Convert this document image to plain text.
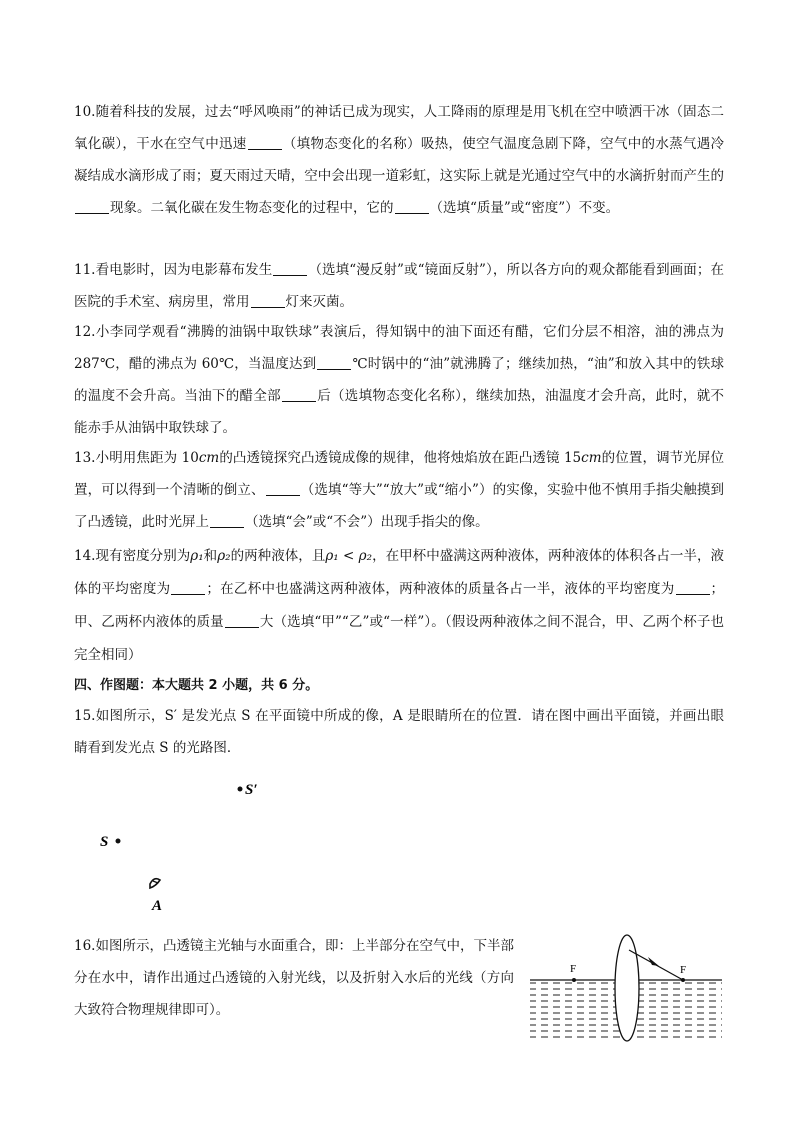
10.随着科技的发展，过去“呼风唤雨”的神话已成为现实，人工降雨的原理是用飞机在空中喷洒干冰（固态二氧化碳），干水在空气中迅速	（填物态变化的名称）吸热，使空气温度急剧下降，空气中的水蒸气遇冷凝结成水滴形成了雨；夏天雨过天晴，空中会出现一道彩虹，这实际上就是光通过空气中的水滴折射而产生的现象。二氧化碳在发生物态变化的过程中，它的	（选填“质量”或“密度”）不变。

11.看电影时，因为电影幕布发生	（选填“漫反射”或“镜面反射”），所以各方向的观众都能看到画面；在医院的手术室、病房里，常用	灯来灭菌。

12.小李同学观看“沸腾的油锅中取铁球”表演后，得知锅中的油下面还有醋，它们分层不相溶，油的沸点为 287℃，醋的沸点为 60℃，当温度达到	℃时锅中的“油”就沸腾了；继续加热，“油”和放入其中的铁球的温度不会升高。当油下的醋全部	后（选填物态变化名称），继续加热，油温度才会升高，此时，就不能赤手从油锅中取铁球了。

13.小明用焦距为 10cm的凸透镜探究凸透镜成像的规律，他将烛焰放在距凸透镜 15cm的位置，调节光屏位置，可以得到一个清晰的倒立、	（选填“等大”“放大”或“缩小”）的实像，实验中他不慎用手指尖触摸到了凸透镜，此时光屏上	（选填“会”或“不会”）出现手指尖的像。

14.现有密度分别为ρ₁和ρ₂的两种液体，且ρ₁ < ρ₂，在甲杯中盛满这两种液体，两种液体的体积各占一半，液体的平均密度为	；在乙杯中也盛满这两种液体，两种液体的质量各占一半，液体的平均密度为	；甲、乙两杯内液体的质量	大（选填“甲”“乙”或“一样”）。（假设两种液体之间不混合，甲、乙两个杯子也完全相同）

四、作图题：本大题共 2 小题，共 6 分。

15.如图所示，S′ 是发光点 S 在平面镜中所成的像，A 是眼睛所在的位置．请在图中画出平面镜，并画出眼睛看到发光点 S 的光路图．

S′
S
A

16.如图所示，凸透镜主光轴与水面重合，即：上半部分在空气中，下半部分在水中，请作出通过凸透镜的入射光线，以及折射入水后的光线（方向大致符合物理规律即可）。

F	F
